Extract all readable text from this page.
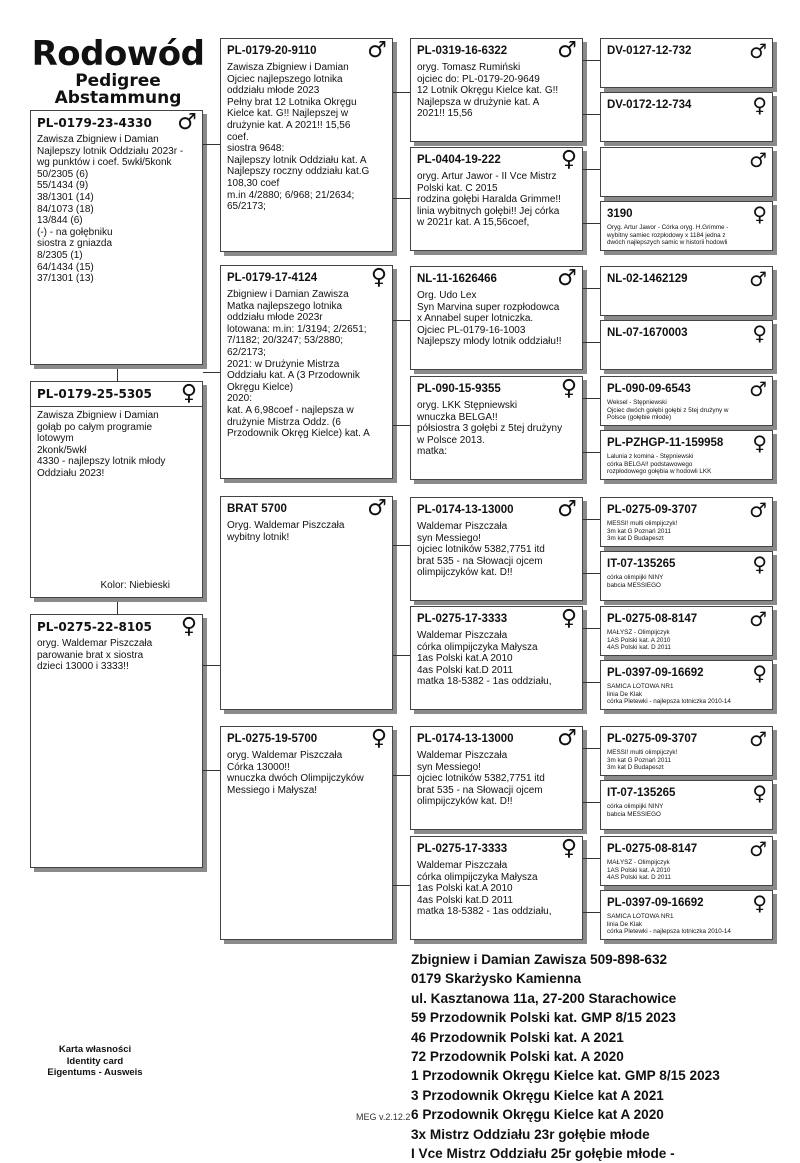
Rodowód
Pedigree
Abstammung
PL-0179-23-4330	♂
Zawisza Zbigniew i Damian
Najlepszy lotnik Oddziału 2023r -
wg punktów i coef. 5wkł/5konk
50/2305 (6)
55/1434 (9)
38/1301 (14)
84/1073 (18)
13/844 (6)
(-) - na gołębniku
siostra z gniazda
8/2305 (1)
64/1434 (15)
37/1301 (13)
PL-0179-25-5305	♀
Zawisza Zbigniew i Damian
gołąb po całym programie
lotowym
2konk/5wkł
4330 - najlepszy lotnik młody
Oddziału 2023!
Kolor: Niebieski
PL-0275-22-8105	♀
oryg. Waldemar Piszczała
parowanie brat x siostra
dzieci 13000 i 3333!!
PL-0179-20-9110	♂
Zawisza Zbigniew i Damian
Ojciec najlepszego lotnika
oddziału młode 2023
Pełny brat 12 Lotnika Okręgu
Kielce kat. G!! Najlepszej w
drużynie kat. A 2021!! 15,56
coef.
siostra 9648:
Najlepszy lotnik Oddziału kat. A
Najlepszy roczny oddziału kat.G
108,30 coef
m.in 4/2880; 6/968; 21/2634;
65/2173;
PL-0179-17-4124	♀
Zbigniew i Damian Zawisza
Matka najlepszego lotnika
oddziału młode 2023r
lotowana: m.in: 1/3194; 2/2651;
7/1182; 20/3247; 53/2880;
62/2173;
2021: w Drużynie Mistrza
Oddziału kat. A (3 Przodownik
Okręgu Kielce)
2020:
kat. A 6,98coef - najlepsza w
drużynie Mistrza Oddz. (6
Przodownik Okręg Kielce) kat. A
BRAT 5700	♂
Oryg. Waldemar Piszczała
wybitny lotnik!
PL-0275-19-5700	♀
oryg. Waldemar Piszczała
Córka 13000!!
wnuczka dwóch Olimpijczyków
Messiego i Małysza!
PL-0319-16-6322	♂
oryg. Tomasz Rumiński
ojciec do: PL-0179-20-9649
12 Lotnik Okręgu Kielce kat. G!!
Najlepsza w drużynie kat. A
2021!! 15,56
PL-0404-19-222	♀
oryg. Artur Jawor - II Vce Mistrz
Polski kat. C 2015
rodzina gołębi Haralda Grimme!!
linia wybitnych gołębi!! Jej córka
w 2021r kat. A 15,56coef,
NL-11-1626466	♂
Org. Udo Lex
Syn Marvina super rozpłodowca
x Annabel super lotniczka.
Ojciec PL-0179-16-1003
Najlepszy młody lotnik oddziału!!
PL-090-15-9355	♀
oryg. LKK Stępniewski
wnuczka BELGA!!
półsiostra 3 gołębi z 5tej drużyny
w Polsce 2013.
matka:
PL-0174-13-13000	♂
Waldemar Piszczała
syn Messiego!
ojciec lotników 5382,7751 itd
brat 535 - na Słowacji ojcem
olimpijczyków kat. D!!
PL-0275-17-3333	♀
Waldemar Piszczała
córka olimpijczyka Małysza
1as Polski kat.A 2010
4as Polski kat.D 2011
matka 18-5382 - 1as oddziału,
PL-0174-13-13000	♂
Waldemar Piszczała
syn Messiego!
ojciec lotników 5382,7751 itd
brat 535 - na Słowacji ojcem
olimpijczyków kat. D!!
PL-0275-17-3333	♀
Waldemar Piszczała
córka olimpijczyka Małysza
1as Polski kat.A 2010
4as Polski kat.D 2011
matka 18-5382 - 1as oddziału,
DV-0127-12-732	♂
DV-0172-12-734	♀
♂
3190	♀
Oryg. Artur Jawor - Córka oryg. H.Grimme -
wybitny samiec rozpłodowy x 1184 jedna z
dwóch najlepszych samic w historii hodowli
NL-02-1462129	♂
NL-07-1670003	♀
PL-090-09-6543	♂
Weksel - Stępniewski
Ojciec dwóch gołębi gołębi z 5tej drużyny w
Polsce (gołębie młode)
PL-PZHGP-11-159958	♀
Lalunia z komina - Stępniewski
córka BELGA!! podstawowego
rozpłodowego gołębia w hodowli LKK
PL-0275-09-3707	♂
MESSI! multi olimpijczyk!
3m kat G Poznań 2011
3m kat D Budapeszt
IT-07-135265	♀
córka olimpijki NINY
babcia MESSIEGO
PL-0275-08-8147	♂
MAŁYSZ - Olimpijczyk
1AS Polski kat. A 2010
4AS Polski kat. D 2011
PL-0397-09-16692	♀
SAMICA LOTOWA NR1
linia De Klak
córka Pletewki - najlepsza lotniczka 2010-14
PL-0275-09-3707	♂
MESSI! multi olimpijczyk!
3m kat G Poznań 2011
3m kat D Budapeszt
IT-07-135265	♀
córka olimpijki NINY
babcia MESSIEGO
PL-0275-08-8147	♂
MAŁYSZ - Olimpijczyk
1AS Polski kat. A 2010
4AS Polski kat. D 2011
PL-0397-09-16692	♀
SAMICA LOTOWA NR1
linia De Klak
córka Pletewki - najlepsza lotniczka 2010-14
Zbigniew i Damian Zawisza 509-898-632
0179 Skarżysko Kamienna
ul. Kasztanowa 11a, 27-200 Starachowice
59 Przodownik Polski kat. GMP 8/15 2023
46 Przodownik Polski kat. A 2021
72 Przodownik Polski kat. A 2020
1 Przodownik Okręgu Kielce kat. GMP 8/15 2023
3 Przodownik Okręgu Kielce kat A 2021
6 Przodownik Okręgu Kielce kat A 2020
3x Mistrz Oddziału 23r gołębie młode
I Vce Mistrz Oddziału 25r gołębie młode -
Karta własności
Identity card
Eigentums - Ausweis
MEG v.2.12.2
